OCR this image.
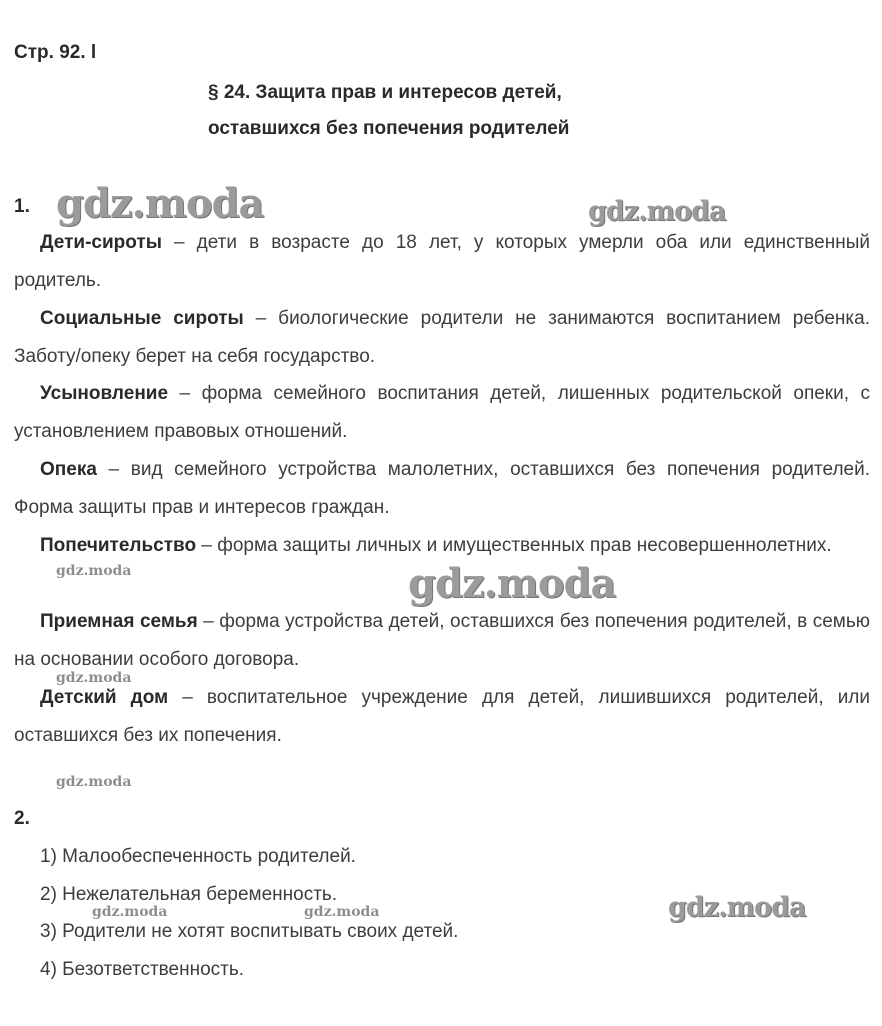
Стр. 92. l
§ 24. Защита прав и интересов детей,
оставшихся без попечения родителей
1.
Дети-сироты – дети в возрасте до 18 лет, у которых умерли оба или единственный родитель.
Социальные сироты – биологические родители не занимаются воспитанием ребенка. Заботу/опеку берет на себя государство.
Усыновление – форма семейного воспитания детей, лишенных родительской опеки, с установлением правовых отношений.
Опека – вид семейного устройства малолетних, оставшихся без попечения родителей. Форма защиты прав и интересов граждан.
Попечительство – форма защиты личных и имущественных прав несовершеннолетних.
Приемная семья – форма устройства детей, оставшихся без попечения родителей, в семью на основании особого договора.
Детский дом – воспитательное учреждение для детей, лишившихся родителей, или оставшихся без их попечения.
2.
1) Малообеспеченность родителей.
2) Нежелательная беременность.
3) Родители не хотят воспитывать своих детей.
4) Безответственность.
gdz.moda	gdz.moda
gdz.moda	gdz.moda
gdz.moda
gdz.moda
gdz.moda	gdz.moda	gdz.moda
